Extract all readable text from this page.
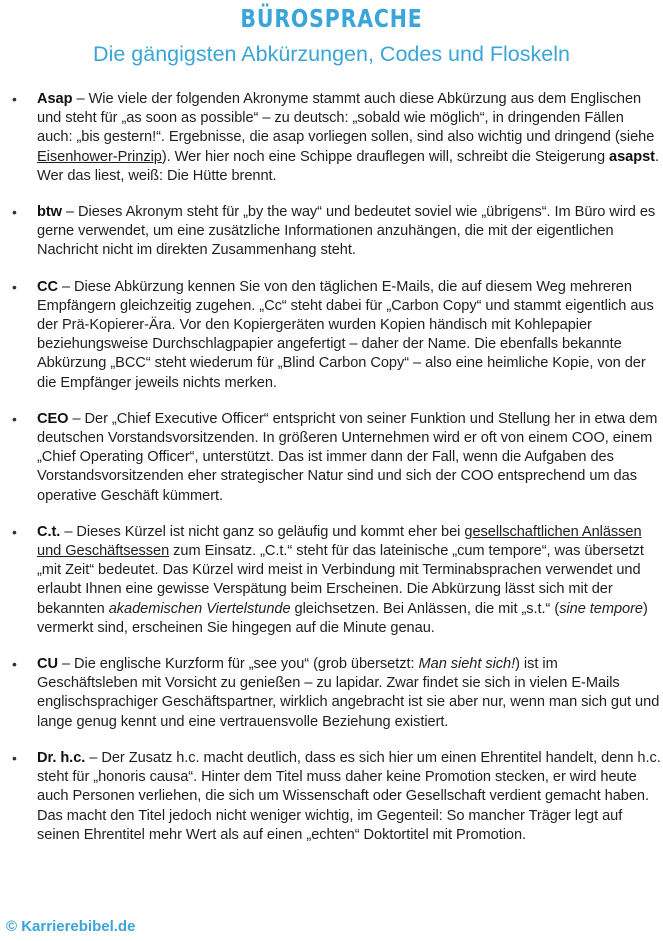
BÜROSPRACHE
Die gängigsten Abkürzungen, Codes und Floskeln
• Asap – Wie viele der folgenden Akronyme stammt auch diese Abkürzung aus dem Englischen und steht für „as soon as possible“ – zu deutsch: „sobald wie möglich“, in dringenden Fällen auch: „bis gestern!“. Ergebnisse, die asap vorliegen sollen, sind also wichtig und dringend (siehe Eisenhower-Prinzip). Wer hier noch eine Schippe drauflegen will, schreibt die Steigerung asapst. Wer das liest, weiß: Die Hütte brennt.
• btw – Dieses Akronym steht für „by the way“ und bedeutet soviel wie „übrigens“. Im Büro wird es gerne verwendet, um eine zusätzliche Informationen anzuhängen, die mit der eigentlichen Nachricht nicht im direkten Zusammenhang steht.
• CC – Diese Abkürzung kennen Sie von den täglichen E-Mails, die auf diesem Weg mehreren Empfängern gleichzeitig zugehen. „Cc“ steht dabei für „Carbon Copy“ und stammt eigentlich aus der Prä-Kopierer-Ära. Vor den Kopiergeräten wurden Kopien händisch mit Kohlepapier beziehungsweise Durchschlagpapier angefertigt – daher der Name. Die ebenfalls bekannte Abkürzung „BCC“ steht wiederum für „Blind Carbon Copy“ – also eine heimliche Kopie, von der die Empfänger jeweils nichts merken.
• CEO – Der „Chief Executive Officer“ entspricht von seiner Funktion und Stellung her in etwa dem deutschen Vorstandsvorsitzenden. In größeren Unternehmen wird er oft von einem COO, einem „Chief Operating Officer“, unterstützt. Das ist immer dann der Fall, wenn die Aufgaben des Vorstandsvorsitzenden eher strategischer Natur sind und sich der COO entsprechend um das operative Geschäft kümmert.
• C.t. – Dieses Kürzel ist nicht ganz so geläufig und kommt eher bei gesellschaftlichen Anlässen und Geschäftsessen zum Einsatz. „C.t.“ steht für das lateinische „cum tempore“, was übersetzt „mit Zeit“ bedeutet. Das Kürzel wird meist in Verbindung mit Terminabsprachen verwendet und erlaubt Ihnen eine gewisse Verspätung beim Erscheinen. Die Abkürzung lässt sich mit der bekannten akademischen Viertelstunde gleichsetzen. Bei Anlässen, die mit „s.t.“ (sine tempore) vermerkt sind, erscheinen Sie hingegen auf die Minute genau.
• CU – Die englische Kurzform für „see you“ (grob übersetzt: Man sieht sich!) ist im Geschäftsleben mit Vorsicht zu genießen – zu lapidar. Zwar findet sie sich in vielen E-Mails englischsprachiger Geschäftspartner, wirklich angebracht ist sie aber nur, wenn man sich gut und lange genug kennt und eine vertrauensvolle Beziehung existiert.
• Dr. h.c. – Der Zusatz h.c. macht deutlich, dass es sich hier um einen Ehrentitel handelt, denn h.c. steht für „honoris causa“. Hinter dem Titel muss daher keine Promotion stecken, er wird heute auch Personen verliehen, die sich um Wissenschaft oder Gesellschaft verdient gemacht haben. Das macht den Titel jedoch nicht weniger wichtig, im Gegenteil: So mancher Träger legt auf seinen Ehrentitel mehr Wert als auf einen „echten“ Doktortitel mit Promotion.
© Karrierebibel.de
